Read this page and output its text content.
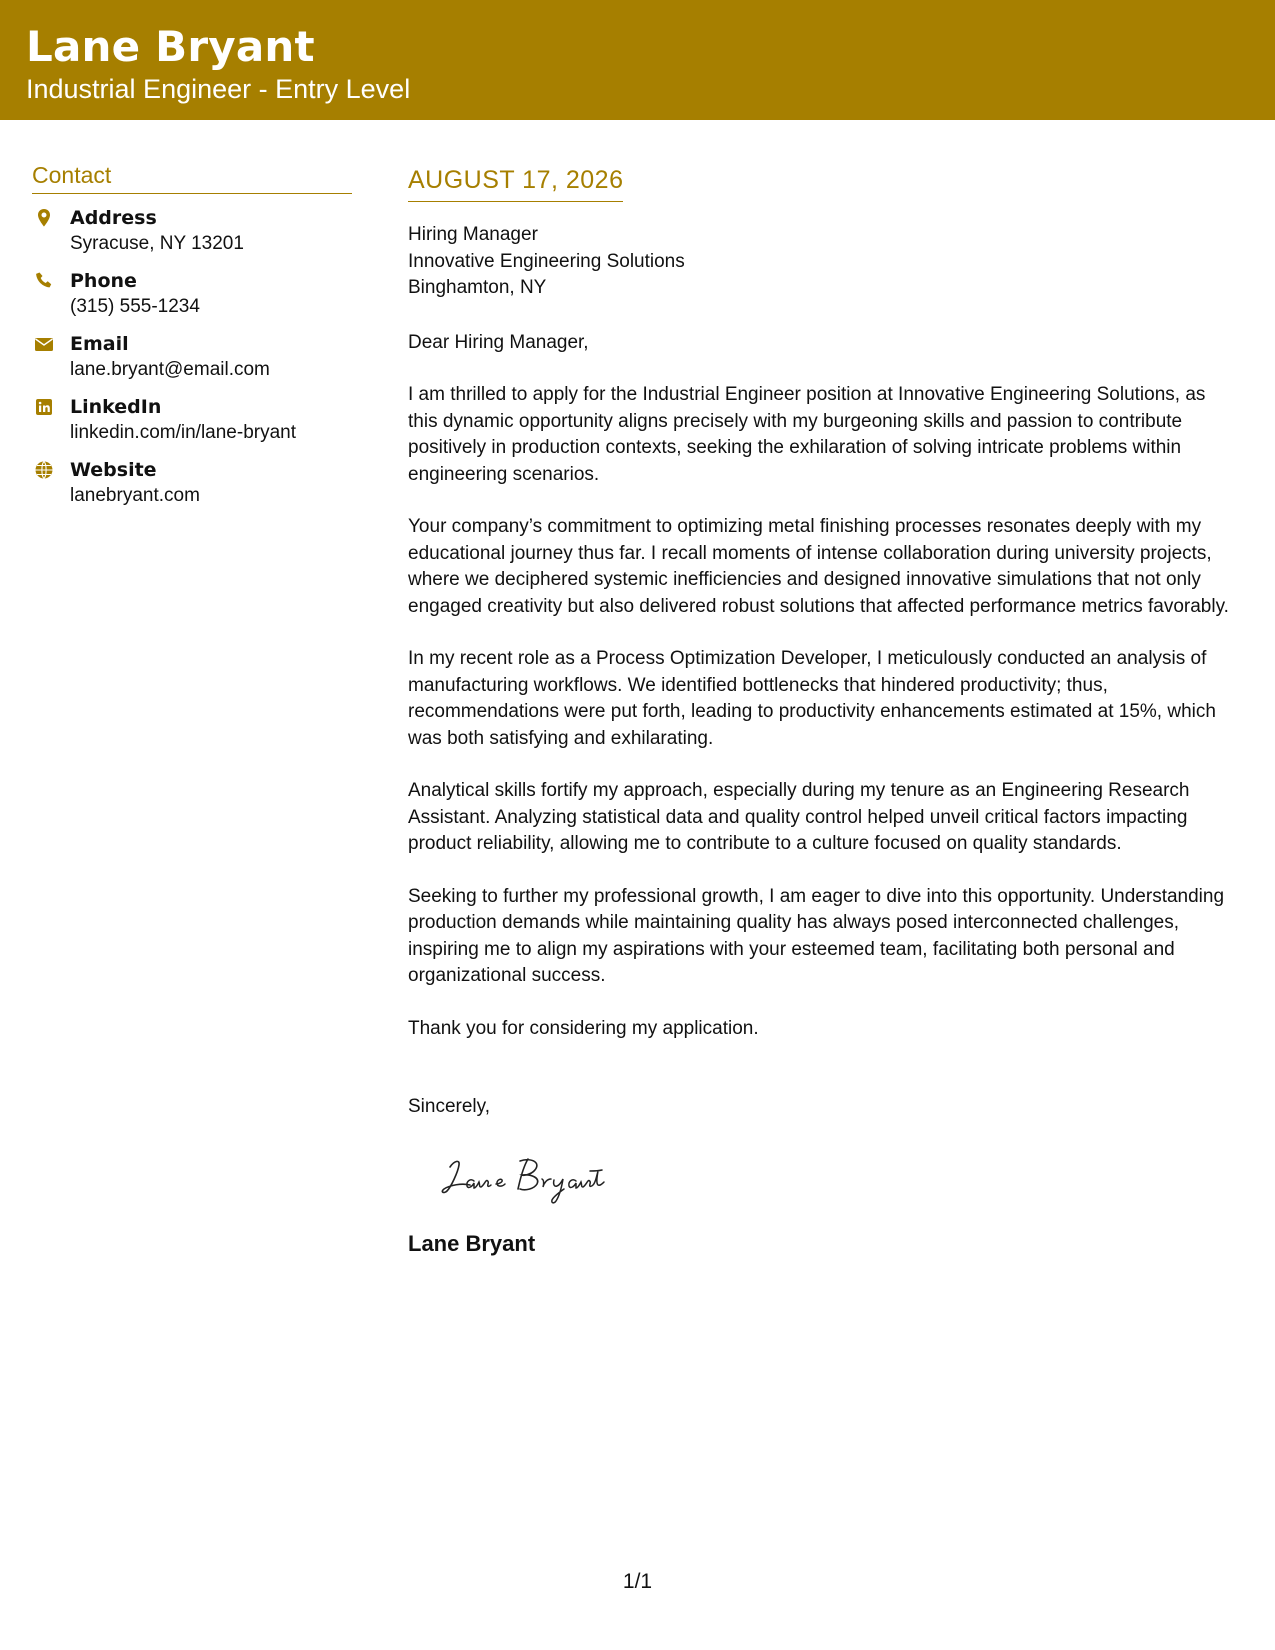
Lane Bryant
Industrial Engineer - Entry Level
Contact
Address
Syracuse, NY 13201
Phone
(315) 555-1234
Email
lane.bryant@email.com
LinkedIn
linkedin.com/in/lane-bryant
Website
lanebryant.com
AUGUST 17, 2026
Hiring Manager
Innovative Engineering Solutions
Binghamton, NY
Dear Hiring Manager,
I am thrilled to apply for the Industrial Engineer position at Innovative Engineering Solutions, as this dynamic opportunity aligns precisely with my burgeoning skills and passion to contribute positively in production contexts, seeking the exhilaration of solving intricate problems within engineering scenarios.
Your company’s commitment to optimizing metal finishing processes resonates deeply with my educational journey thus far. I recall moments of intense collaboration during university projects, where we deciphered systemic inefficiencies and designed innovative simulations that not only engaged creativity but also delivered robust solutions that affected performance metrics favorably.
In my recent role as a Process Optimization Developer, I meticulously conducted an analysis of manufacturing workflows. We identified bottlenecks that hindered productivity; thus, recommendations were put forth, leading to productivity enhancements estimated at 15%, which was both satisfying and exhilarating.
Analytical skills fortify my approach, especially during my tenure as an Engineering Research Assistant. Analyzing statistical data and quality control helped unveil critical factors impacting product reliability, allowing me to contribute to a culture focused on quality standards.
Seeking to further my professional growth, I am eager to dive into this opportunity. Understanding production demands while maintaining quality has always posed interconnected challenges, inspiring me to align my aspirations with your esteemed team, facilitating both personal and organizational success.
Thank you for considering my application.
Sincerely,
Lane Bryant
1/1
